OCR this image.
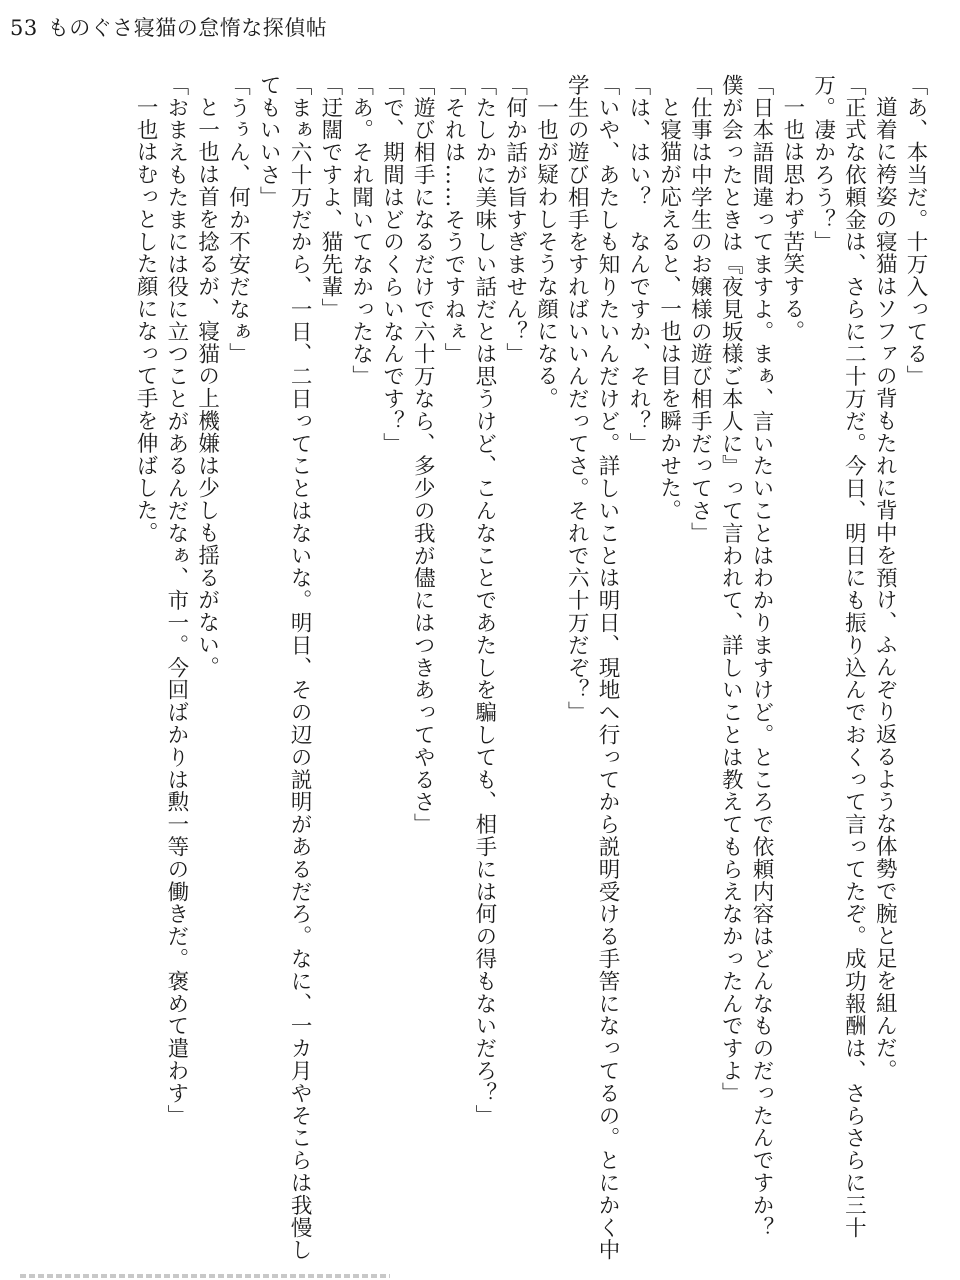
53 ものぐさ寝猫の怠惰な探偵帖

「あ、本当だ。十万入ってる」

道着に袴姿の寝猫はソファの背もたれに背中を預け、ふんぞり返るような体勢で腕と足を組んだ。

「正式な依頼金は、さらに二十万だ。今日、明日にも振り込んでおくって言ってたぞ。成功報酬は、さらさらに三十万。凄かろう？」

一也は思わず苦笑する。

「日本語間違ってますよ。まぁ、言いたいことはわかりますけど。ところで依頼内容はどんなものだったんですか？　僕が会ったときは『夜見坂様ご本人に』って言われて、詳しいことは教えてもらえなかったんですよ」

「仕事は中学生のお嬢様の遊び相手だってさ」

と寝猫が応えると、一也は目を瞬かせた。

「は、はい？　なんですか、それ？」

「いや、あたしも知りたいんだけど。詳しいことは明日、現地へ行ってから説明受ける手筈になってるの。とにかく中学生の遊び相手をすればいいんだってさ。それで六十万だぞ？」

一也が疑わしそうな顔になる。

「何か話が旨すぎません？」

「たしかに美味しい話だとは思うけど、こんなことであたしを騙しても、相手には何の得もないだろ？」

「それは……そうですねぇ」

「遊び相手になるだけで六十万なら、多少の我が儘にはつきあってやるさ」

「で、期間はどのくらいなんです？」

「あ。それ聞いてなかったな」

「迂闊ですよ、猫先輩」

「まぁ六十万だから、一日、二日ってことはないな。明日、その辺の説明があるだろ。なに、一カ月やそこらは我慢してもいいさ」

「うぅん、何か不安だなぁ」

と一也は首を捻るが、寝猫の上機嫌は少しも揺るがない。

「おまえもたまには役に立つことがあるんだなぁ、市一。今回ばかりは勲一等の働きだ。褒めて遣わす」

一也はむっとした顔になって手を伸ばした。
